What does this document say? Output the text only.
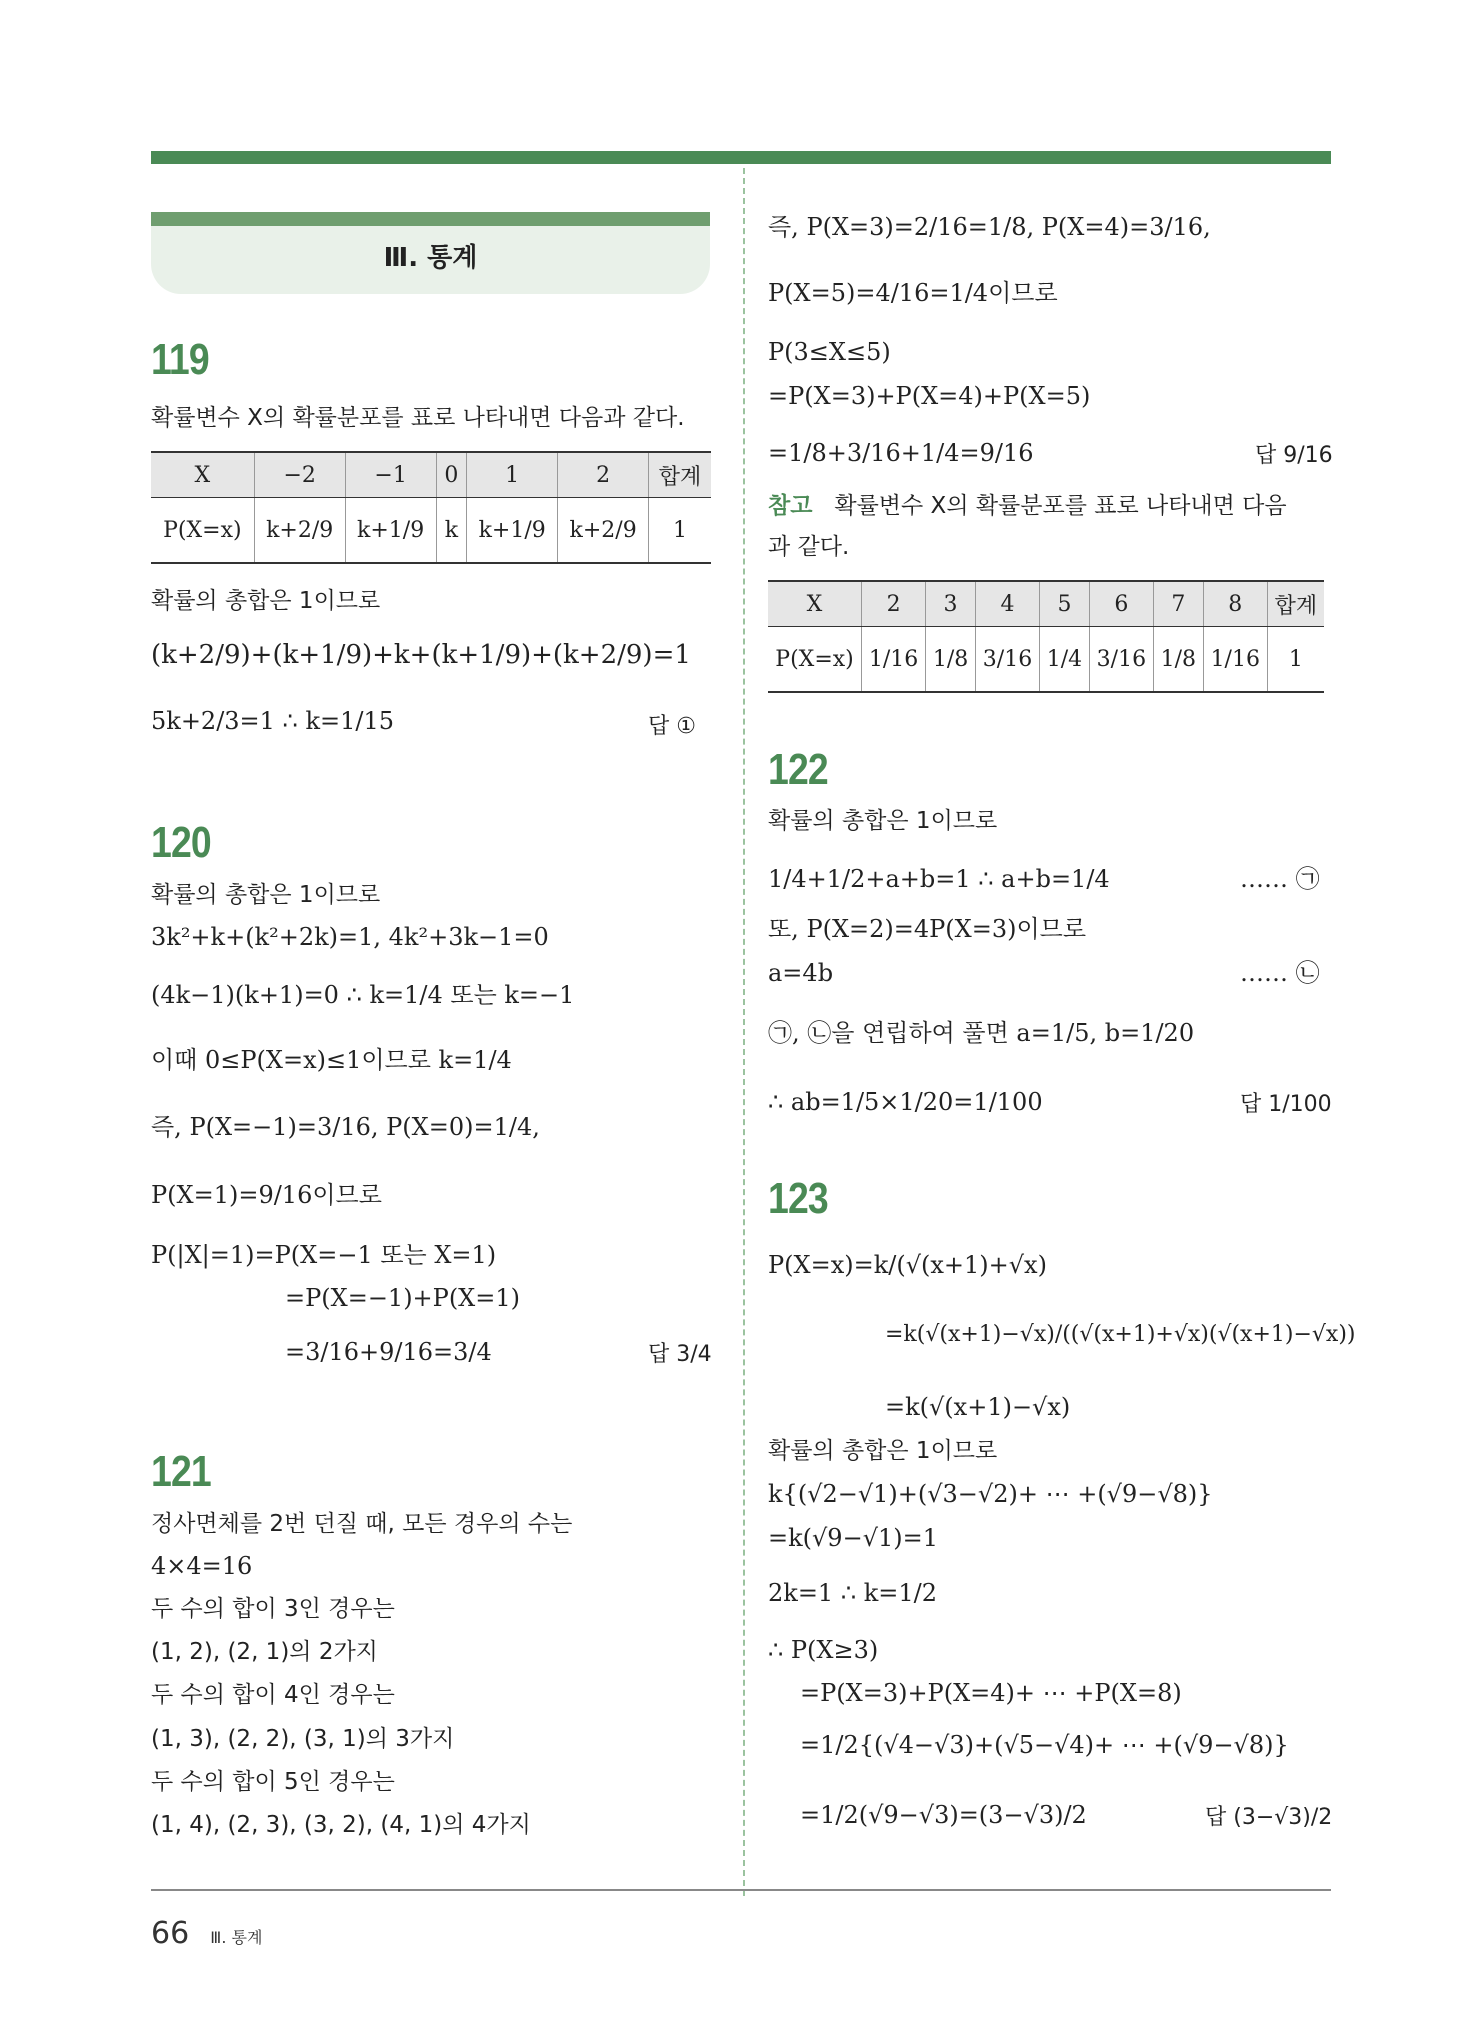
Ⅲ. 통계
119
확률변수 X의 확률분포를 표로 나타내면 다음과 같다.
X	−2	−1	0	1	2	합계
P(X=x)	k+2/9	k+1/9	k	k+1/9	k+2/9	1
확률의 총합은 1이므로
(k+2/9)+(k+1/9)+k+(k+1/9)+(k+2/9)=1
5k+2/3=1 ∴ k=1/15	답 ①
120
확률의 총합은 1이므로
3k²+k+(k²+2k)=1, 4k²+3k−1=0
(4k−1)(k+1)=0 ∴ k=1/4 또는 k=−1
이때 0≤P(X=x)≤1이므로 k=1/4
즉, P(X=−1)=3/16, P(X=0)=1/4,
P(X=1)=9/16이므로
P(|X|=1)=P(X=−1 또는 X=1)
=P(X=−1)+P(X=1)
=3/16+9/16=3/4	답 3/4
121
정사면체를 2번 던질 때, 모든 경우의 수는
4×4=16
두 수의 합이 3인 경우는
(1, 2), (2, 1)의 2가지
두 수의 합이 4인 경우는
(1, 3), (2, 2), (3, 1)의 3가지
두 수의 합이 5인 경우는
(1, 4), (2, 3), (3, 2), (4, 1)의 4가지
즉, P(X=3)=2/16=1/8, P(X=4)=3/16,
P(X=5)=4/16=1/4이므로
P(3≤X≤5)
=P(X=3)+P(X=4)+P(X=5)
=1/8+3/16+1/4=9/16	답 9/16
참고 확률변수 X의 확률분포를 표로 나타내면 다음
과 같다.
X	2	3	4	5	6	7	8	합계
P(X=x)	1/16	1/8	3/16	1/4	3/16	1/8	1/16	1
122
확률의 총합은 1이므로
1/4+1/2+a+b=1 ∴ a+b=1/4	…… ㉠
또, P(X=2)=4P(X=3)이므로
a=4b	…… ㉡
㉠, ㉡을 연립하여 풀면 a=1/5, b=1/20
∴ ab=1/5×1/20=1/100	답 1/100
123
P(X=x)=k/(√(x+1)+√x)
=k(√(x+1)−√x)/((√(x+1)+√x)(√(x+1)−√x))
=k(√(x+1)−√x)
확률의 총합은 1이므로
k{(√2−√1)+(√3−√2)+ ⋯ +(√9−√8)}
=k(√9−√1)=1
2k=1 ∴ k=1/2
∴ P(X≥3)
=P(X=3)+P(X=4)+ ⋯ +P(X=8)
=1/2{(√4−√3)+(√5−√4)+ ⋯ +(√9−√8)}
=1/2(√9−√3)=(3−√3)/2	답 (3−√3)/2
66 Ⅲ. 통계
